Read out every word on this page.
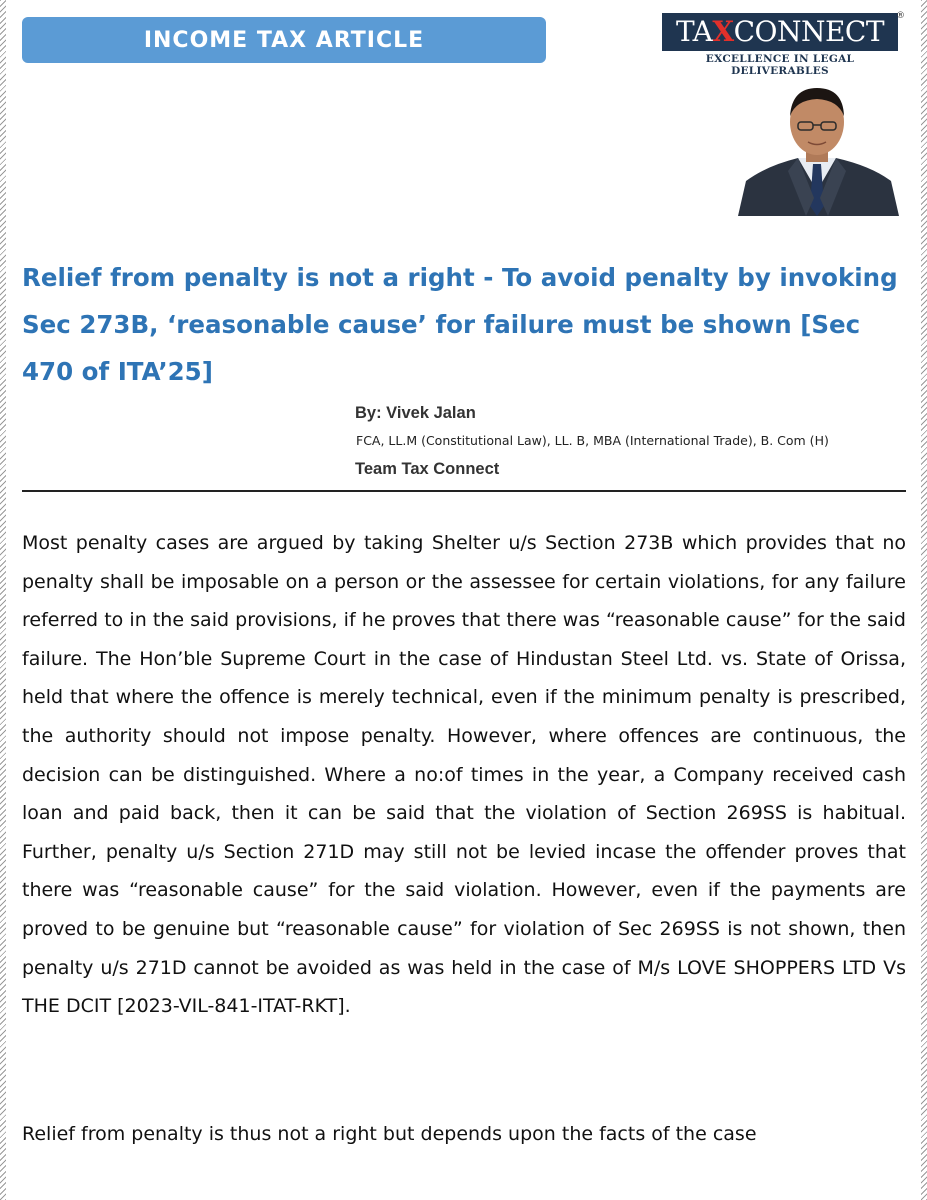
INCOME TAX ARTICLE	TAXCONNECT	®
EXCELLENCE IN LEGAL DELIVERABLES
Relief from penalty is not a right - To avoid penalty by invoking Sec 273B, ‘reasonable cause’ for failure must be shown [Sec 470 of ITA’25]
By: Vivek Jalan
FCA, LL.M (Constitutional Law), LL. B, MBA (International Trade), B. Com (H)
Team Tax Connect

Most penalty cases are argued by taking Shelter u/s Section 273B which provides that no penalty shall be imposable on a person or the assessee for certain violations, for any failure referred to in the said provisions, if he proves that there was “reasonable cause” for the said failure. The Hon’ble Supreme Court in the case of Hindustan Steel Ltd. vs. State of Orissa, held that where the offence is merely technical, even if the minimum penalty is prescribed, the authority should not impose penalty. However, where offences are continuous, the decision can be distinguished. Where a no:of times in the year, a Company received cash loan and paid back, then it can be said that the violation of Section 269SS is habitual. Further, penalty u/s Section 271D may still not be levied incase the offender proves that there was “reasonable cause” for the said violation. However, even if the payments are proved to be genuine but “reasonable cause” for violation of Sec 269SS is not shown, then penalty u/s 271D cannot be avoided as was held in the case of M/s LOVE SHOPPERS LTD Vs THE DCIT [2023-VIL-841-ITAT-RKT].

Relief from penalty is thus not a right but depends upon the facts of the case
